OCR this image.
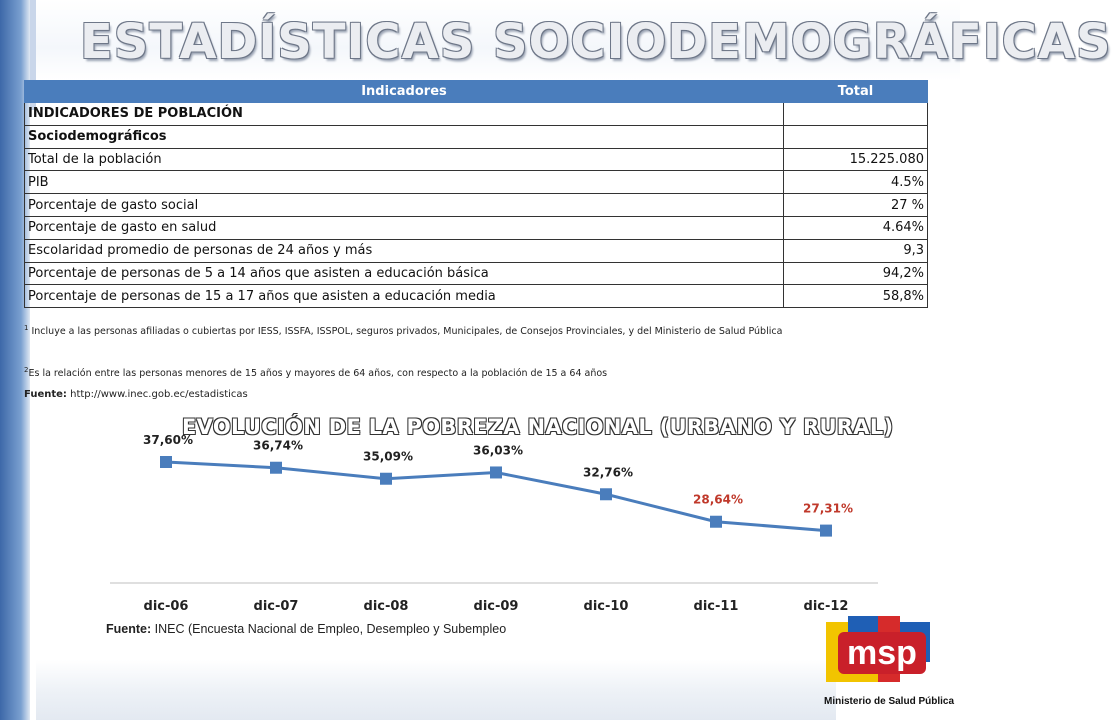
ESTADÍSTICAS SOCIODEMOGRÁFICAS
Indicadores	Total
INDICADORES DE POBLACIÓN	
Sociodemográficos	
Total de la población	15.225.080
PIB	4.5%
Porcentaje de gasto social	27 %
Porcentaje de gasto en salud	4.64%
Escolaridad promedio de personas de 24 años y más	9,3
Porcentaje de personas de 5 a 14 años que asisten a educación básica	94,2%
Porcentaje de personas de 15 a 17 años que asisten a educación media	58,8%
$^1$ Incluye a las personas afiliadas o cubiertas por IESS, ISSFA, ISSPOL, seguros privados, Municipales, de Consejos Provinciales, y del Ministerio de Salud Pública
$^2$Es la relación entre las personas menores de 15 años y mayores de 64 años, con respecto a la población de 15 a 64 años
Fuente: http://www.inec.gob.ec/estadisticas
EVOLUCIÓN DE LA POBREZA NACIONAL (URBANO Y RURAL)
37,60%
dic-06
36,74%
dic-07
35,09%
dic-08
36,03%
dic-09
32,76%
dic-10
28,64%
dic-11
27,31%
dic-12
Fuente: INEC (Encuesta Nacional de Empleo, Desempleo y Subempleo
msp
Ministerio de Salud Pública
